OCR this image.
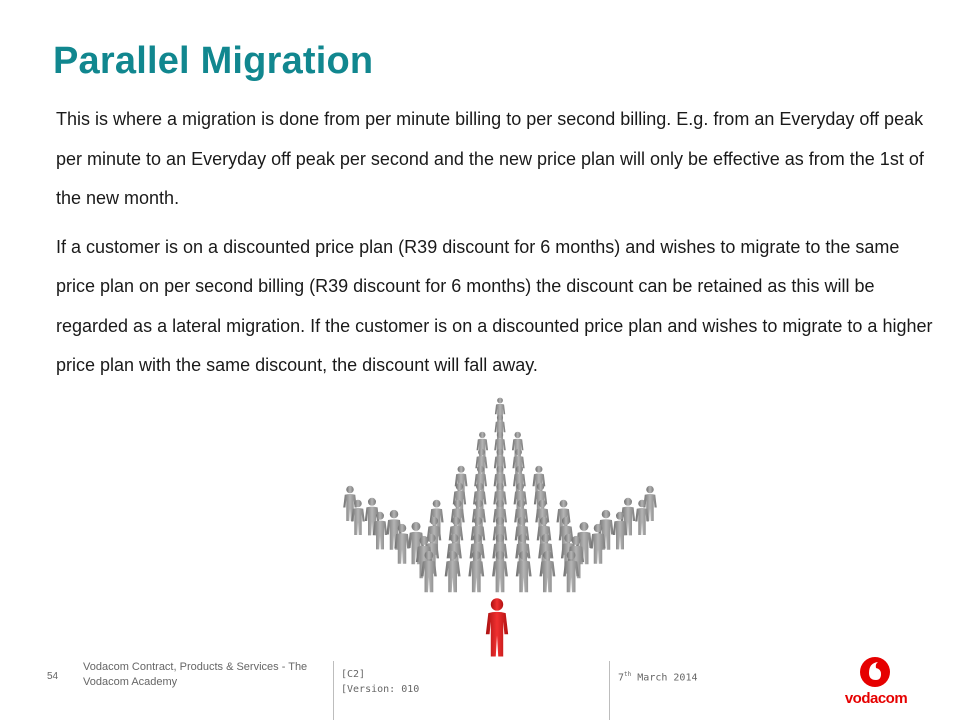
Parallel Migration

This is where a migration is done from per minute billing to per second billing. E.g. from an Everyday off peak per minute to an Everyday off peak per second and the new price plan will only be effective as from the 1st of the new month.

If a customer is on a discounted price plan (R39 discount for 6 months) and wishes to migrate to the same price plan on per second billing (R39 discount for 6 months) the discount can be retained as this will be regarded as a lateral migration. If the customer is on a discounted price plan and wishes to migrate to a higher price plan with the same discount, the discount will fall away.

54
Vodacom Contract, Products & Services - The Vodacom Academy
[C2]
[Version: 010
7th March 2014
vodacom
